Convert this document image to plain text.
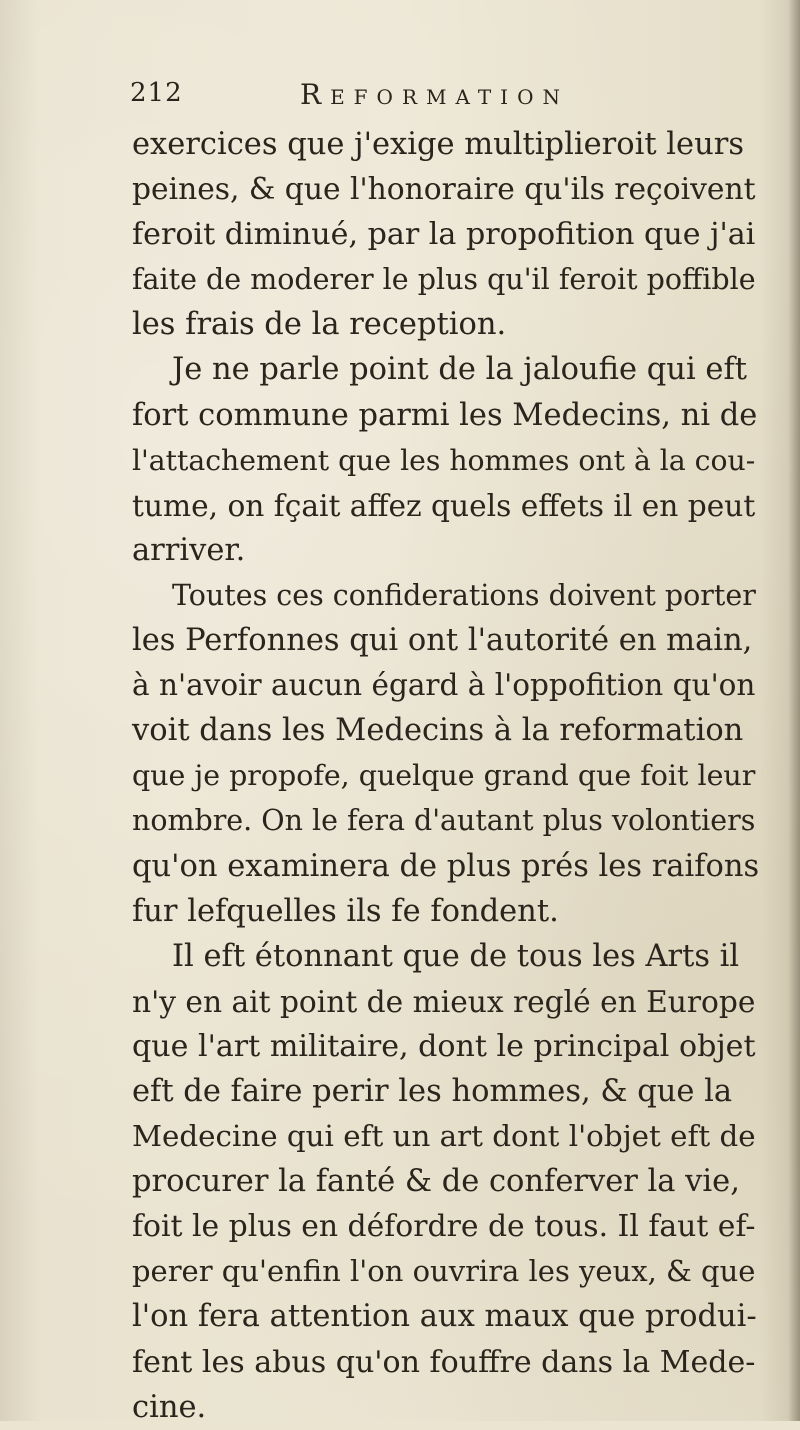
212	Reformation
exercices que j'exige multiplieroit leurs
peines, & que l'honoraire qu'ils reçoivent
feroit diminué, par la propofition que j'ai
faite de moderer le plus qu'il feroit poffible
les frais de la reception.
Je ne parle point de la jaloufie qui eft
fort commune parmi les Medecins, ni de
l'attachement que les hommes ont à la cou-
tume, on fçait affez quels effets il en peut
arriver.
Toutes ces confiderations doivent porter
les Perfonnes qui ont l'autorité en main,
à n'avoir aucun égard à l'oppofition qu'on
voit dans les Medecins à la reformation
que je propofe, quelque grand que foit leur
nombre. On le fera d'autant plus volontiers
qu'on examinera de plus prés les raifons
fur lefquelles ils fe fondent.
Il eft étonnant que de tous les Arts il
n'y en ait point de mieux reglé en Europe
que l'art militaire, dont le principal objet
eft de faire perir les hommes, & que la
Medecine qui eft un art dont l'objet eft de
procurer la fanté & de conferver la vie,
foit le plus en défordre de tous. Il faut ef-
perer qu'enfin l'on ouvrira les yeux, & que
l'on fera attention aux maux que produi-
fent les abus qu'on fouffre dans la Mede-
cine.
